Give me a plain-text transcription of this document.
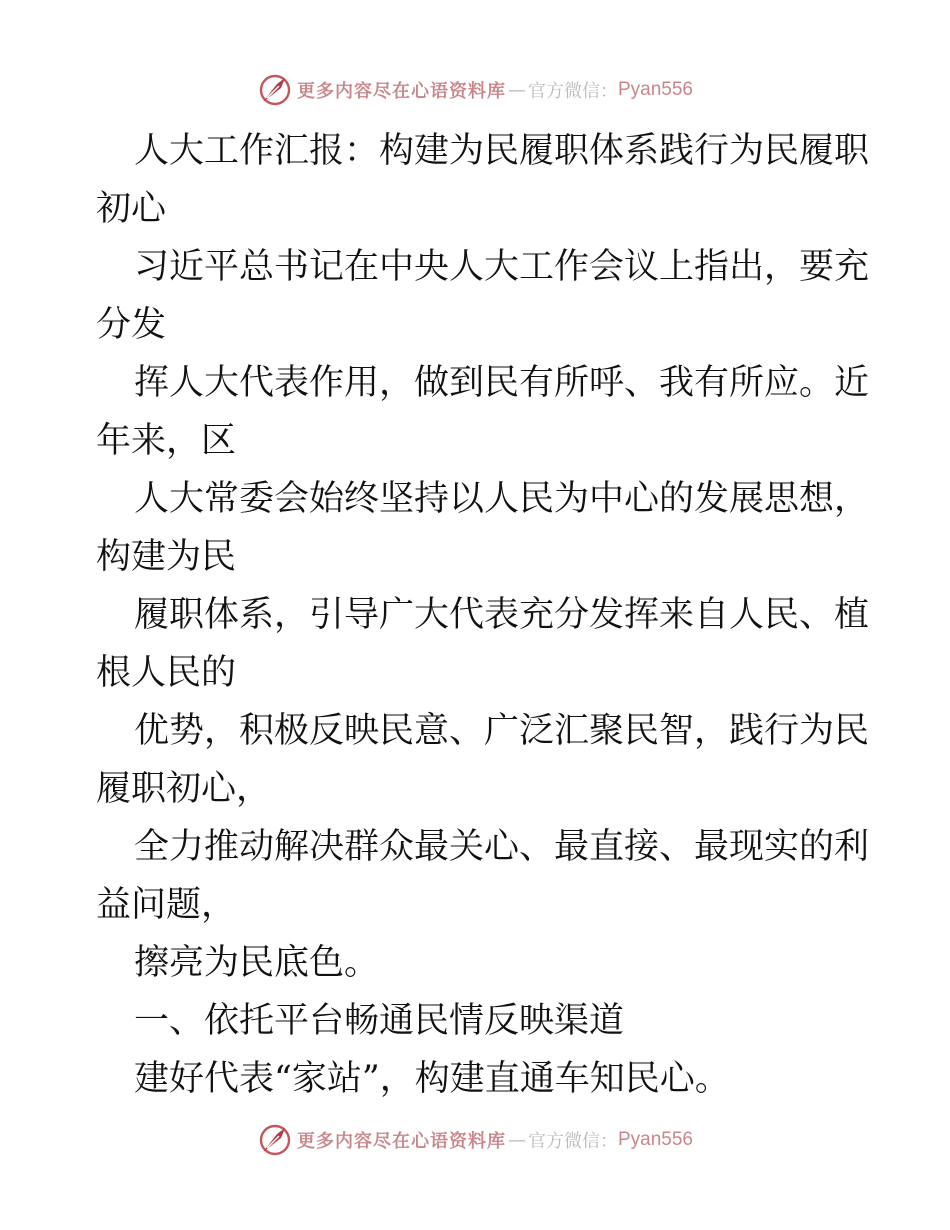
更多内容尽在心语资料库 — 官方微信： Pyan556
人大工作汇报：构建为民履职体系践行为民履职
初心
习近平总书记在中央人大工作会议上指出，要充
分发
挥人大代表作用，做到民有所呼、我有所应。近
年来，区
人大常委会始终坚持以人民为中心的发展思想，
构建为民
履职体系，引导广大代表充分发挥来自人民、植
根人民的
优势，积极反映民意、广泛汇聚民智，践行为民
履职初心，
全力推动解决群众最关心、最直接、最现实的利
益问题，
擦亮为民底色。
一、依托平台畅通民情反映渠道
建好代表“家站”，构建直通车知民心。
更多内容尽在心语资料库 — 官方微信： Pyan556
